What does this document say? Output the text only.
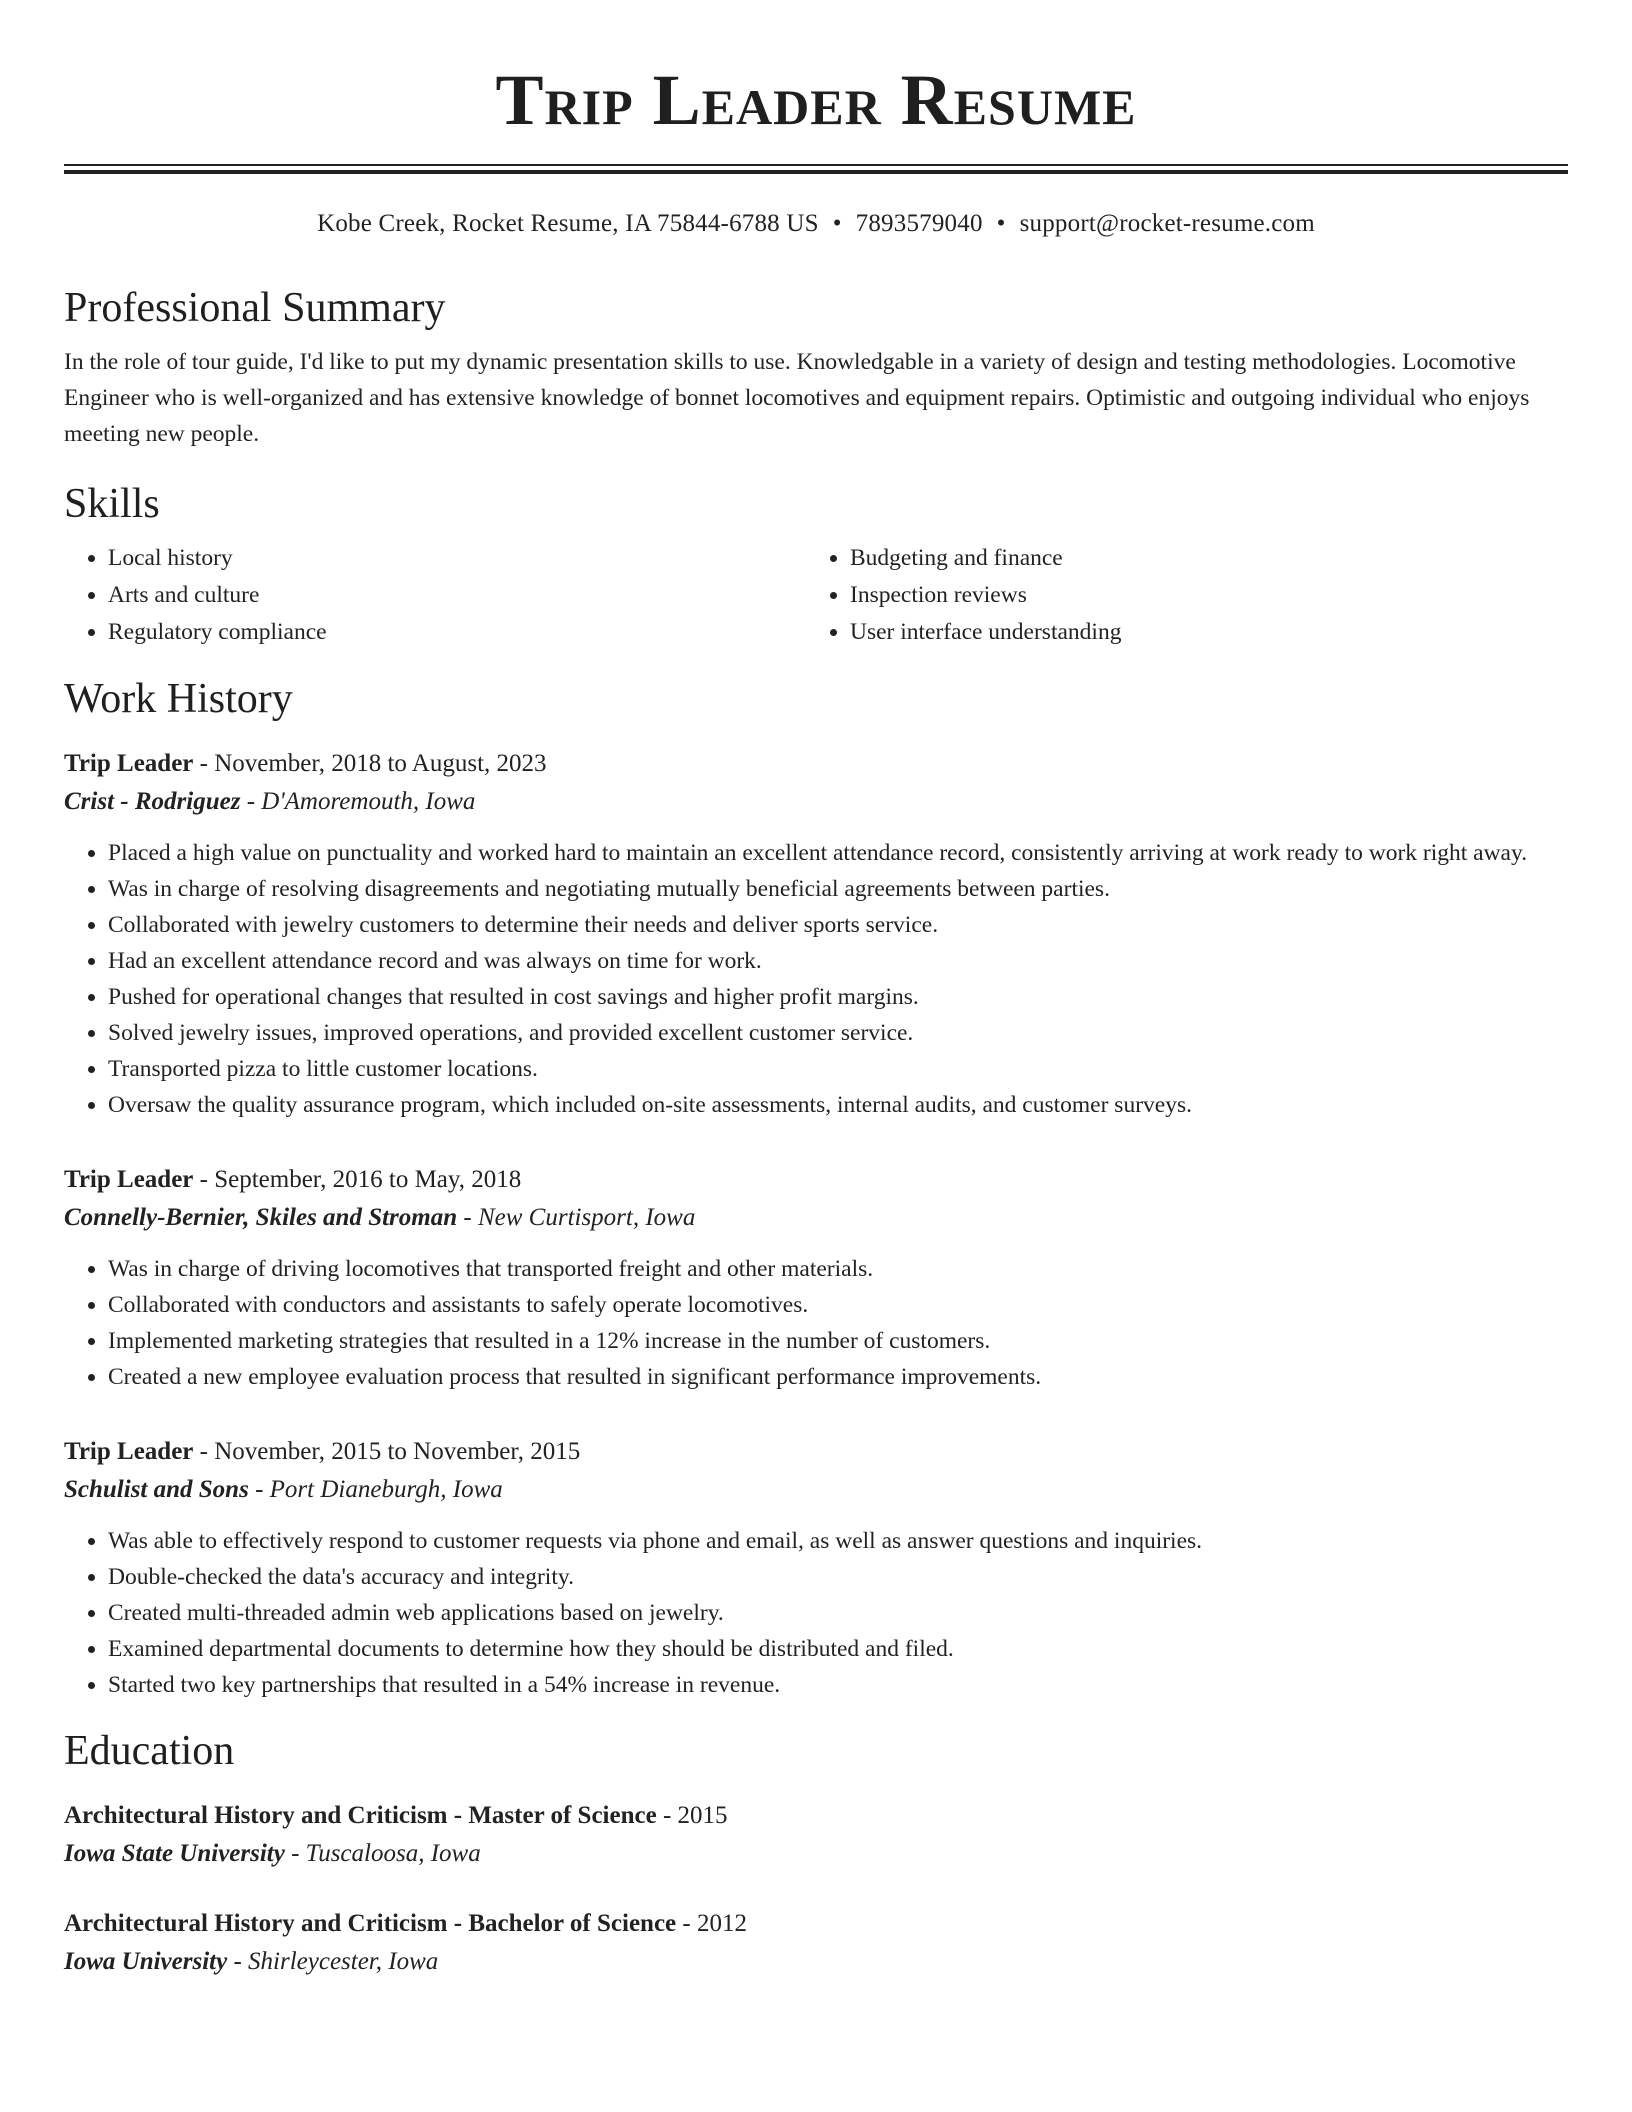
Trip Leader Resume
Kobe Creek, Rocket Resume, IA 75844-6788 US • 7893579040 • support@rocket-resume.com
Professional Summary

In the role of tour guide, I'd like to put my dynamic presentation skills to use. Knowledgable in a variety of design and testing methodologies. Locomotive Engineer who is well-organized and has extensive knowledge of bonnet locomotives and equipment repairs. Optimistic and outgoing individual who enjoys meeting new people.

Skills
• Local history
• Arts and culture
• Regulatory compliance
• Budgeting and finance
• Inspection reviews
• User interface understanding
Work History
Trip Leader - November, 2018 to August, 2023
Crist - Rodriguez - D'Amoremouth, Iowa
• Placed a high value on punctuality and worked hard to maintain an excellent attendance record, consistently arriving at work ready to work right away.
• Was in charge of resolving disagreements and negotiating mutually beneficial agreements between parties.
• Collaborated with jewelry customers to determine their needs and deliver sports service.
• Had an excellent attendance record and was always on time for work.
• Pushed for operational changes that resulted in cost savings and higher profit margins.
• Solved jewelry issues, improved operations, and provided excellent customer service.
• Transported pizza to little customer locations.
• Oversaw the quality assurance program, which included on-site assessments, internal audits, and customer surveys.
Trip Leader - September, 2016 to May, 2018
Connelly-Bernier, Skiles and Stroman - New Curtisport, Iowa
• Was in charge of driving locomotives that transported freight and other materials.
• Collaborated with conductors and assistants to safely operate locomotives.
• Implemented marketing strategies that resulted in a 12% increase in the number of customers.
• Created a new employee evaluation process that resulted in significant performance improvements.
Trip Leader - November, 2015 to November, 2015
Schulist and Sons - Port Dianeburgh, Iowa
• Was able to effectively respond to customer requests via phone and email, as well as answer questions and inquiries.
• Double-checked the data's accuracy and integrity.
• Created multi-threaded admin web applications based on jewelry.
• Examined departmental documents to determine how they should be distributed and filed.
• Started two key partnerships that resulted in a 54% increase in revenue.
Education
Architectural History and Criticism - Master of Science - 2015
Iowa State University - Tuscaloosa, Iowa
Architectural History and Criticism - Bachelor of Science - 2012
Iowa University - Shirleycester, Iowa
